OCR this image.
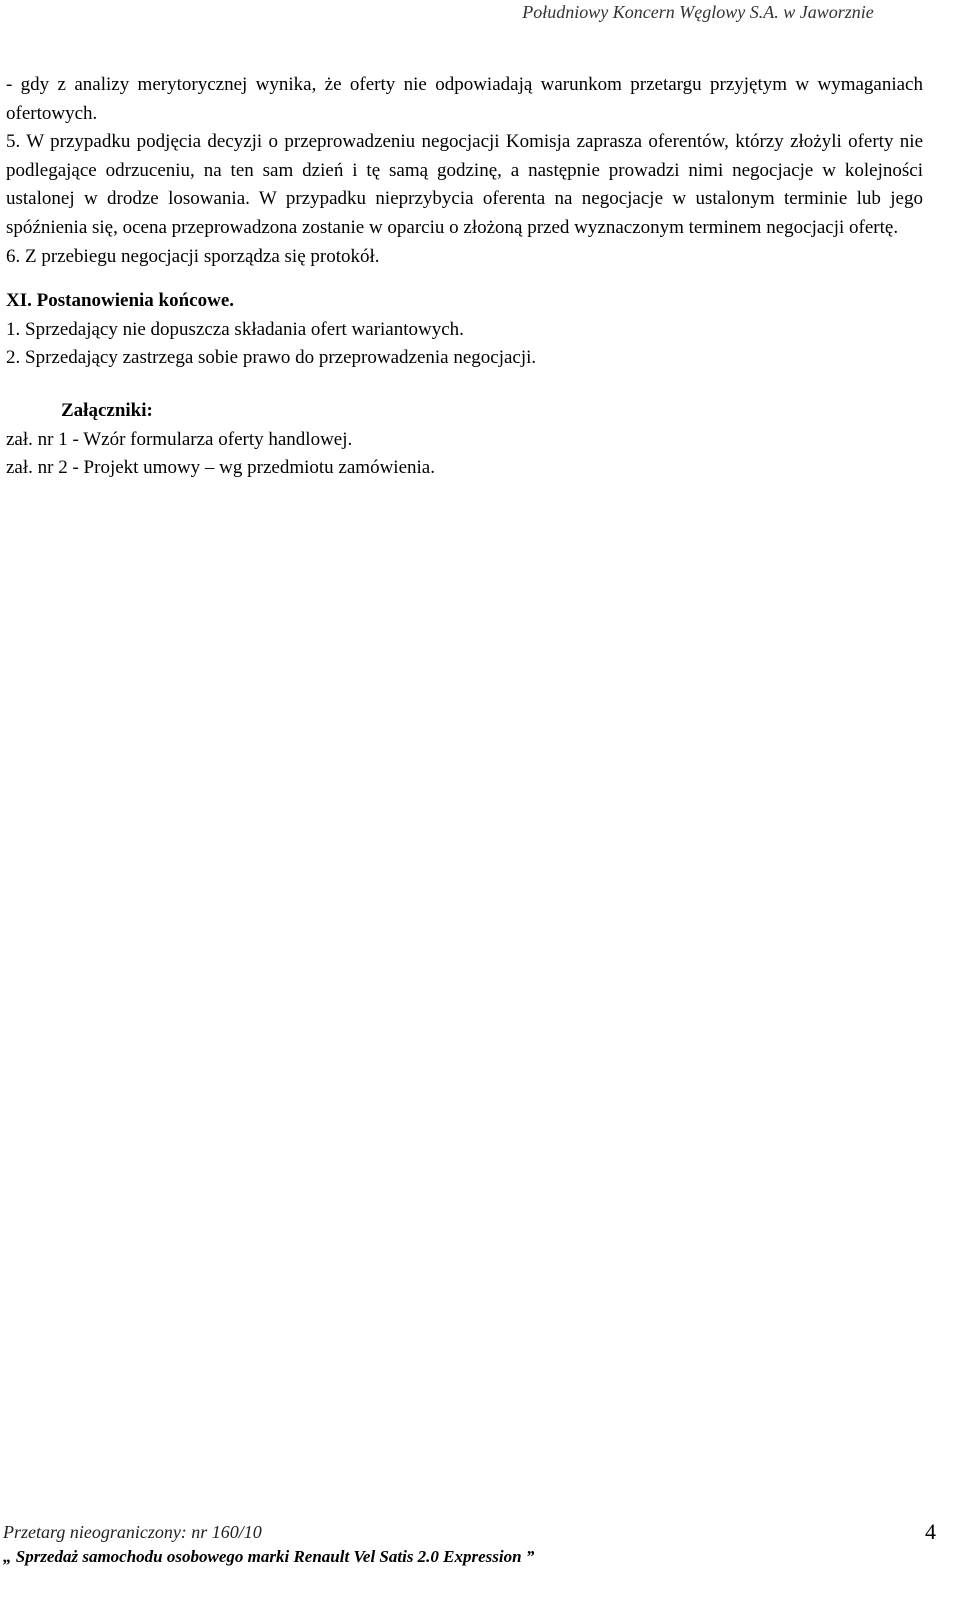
Południowy Koncern Węglowy S.A. w Jaworznie

- gdy z analizy merytorycznej wynika, że oferty nie odpowiadają warunkom przetargu przyjętym w wymaganiach ofertowych.

5. W przypadku podjęcia decyzji o przeprowadzeniu negocjacji Komisja zaprasza oferentów, którzy złożyli oferty nie podlegające odrzuceniu, na ten sam dzień i tę samą godzinę, a następnie prowadzi nimi negocjacje w kolejności ustalonej w drodze losowania. W przypadku nieprzybycia oferenta na negocjacje w ustalonym terminie lub jego spóźnienia się, ocena przeprowadzona zostanie w oparciu o złożoną przed wyznaczonym terminem negocjacji ofertę.

6. Z przebiegu negocjacji sporządza się protokół.

XI. Postanowienia końcowe.

1. Sprzedający nie dopuszcza składania ofert wariantowych.

2. Sprzedający zastrzega sobie prawo do przeprowadzenia negocjacji.

Załączniki:

zał. nr 1 - Wzór formularza oferty handlowej.

zał. nr 2 - Projekt umowy – wg przedmiotu zamówienia.

Przetarg nieograniczony: nr 160/10
„ Sprzedaż samochodu osobowego marki Renault Vel Satis 2.0 Expression ”
4
